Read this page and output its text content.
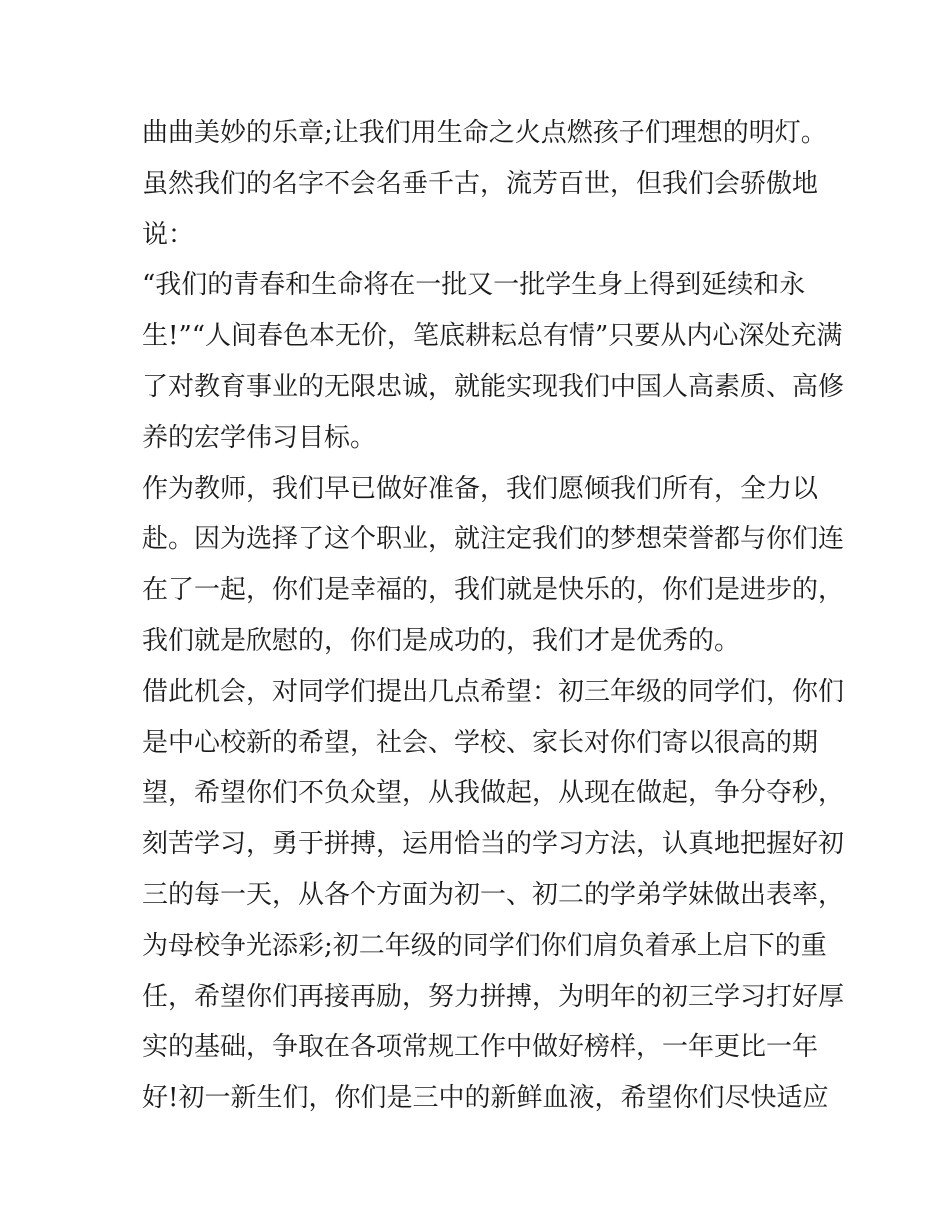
曲曲美妙的乐章;让我们用生命之火点燃孩子们理想的明灯。
虽然我们的名字不会名垂千古，流芳百世，但我们会骄傲地
说：
“我们的青春和生命将在一批又一批学生身上得到延续和永
生!”“人间春色本无价，笔底耕耘总有情”只要从内心深处充满
了对教育事业的无限忠诚，就能实现我们中国人高素质、高修
养的宏学伟习目标。
作为教师，我们早已做好准备，我们愿倾我们所有，全力以
赴。因为选择了这个职业，就注定我们的梦想荣誉都与你们连
在了一起，你们是幸福的，我们就是快乐的，你们是进步的，
我们就是欣慰的，你们是成功的，我们才是优秀的。
借此机会，对同学们提出几点希望：初三年级的同学们，你们
是中心校新的希望，社会、学校、家长对你们寄以很高的期
望，希望你们不负众望，从我做起，从现在做起，争分夺秒，
刻苦学习，勇于拼搏，运用恰当的学习方法，认真地把握好初
三的每一天，从各个方面为初一、初二的学弟学妹做出表率，
为母校争光添彩;初二年级的同学们你们肩负着承上启下的重
任，希望你们再接再励，努力拼搏，为明年的初三学习打好厚
实的基础，争取在各项常规工作中做好榜样，一年更比一年
好!初一新生们，你们是三中的新鲜血液，希望你们尽快适应
